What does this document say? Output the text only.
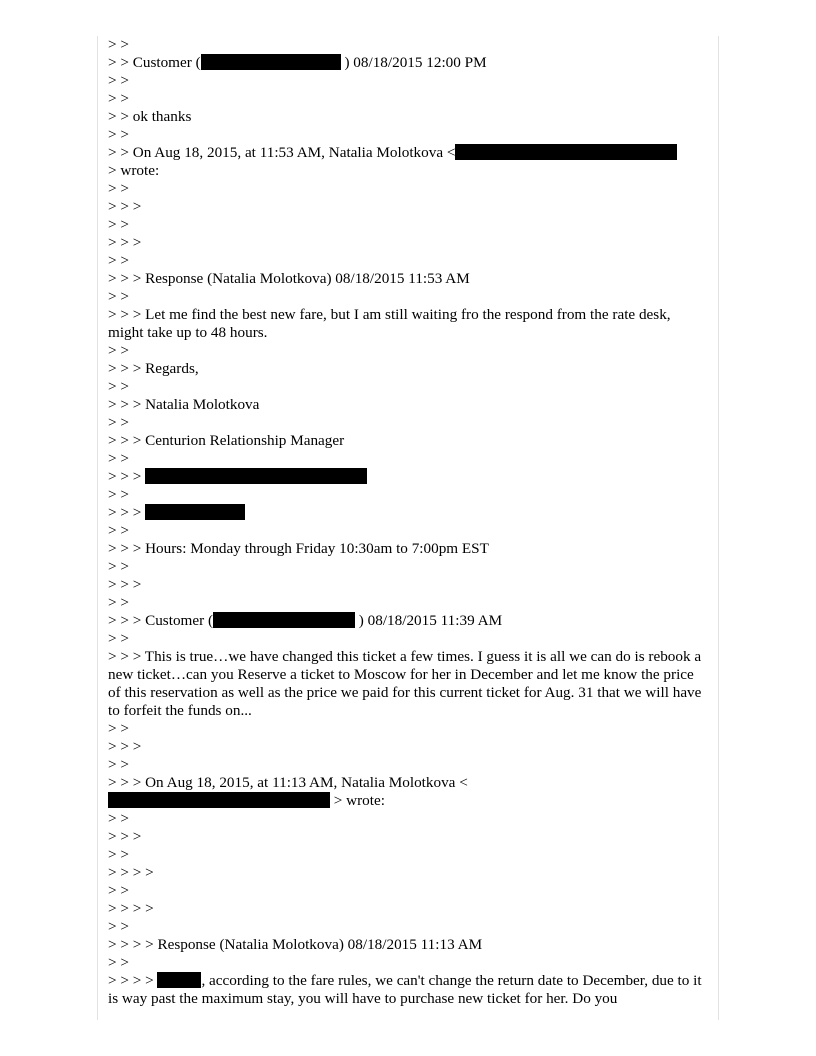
> >

> > Customer (	) 08/18/2015 12:00 PM

> >

> >

> > ok thanks

> >

> > On Aug 18, 2015, at 11:53 AM, Natalia Molotkova <

> wrote:

> >

> > >

> >

> > >

> >

> > > Response (Natalia Molotkova) 08/18/2015 11:53 AM

> >

> > > Let me find the best new fare, but I am still waiting fro the respond from the rate desk, might take up to 48 hours.

> >

> > > Regards,

> >

> > > Natalia Molotkova

> >

> > > Centurion Relationship Manager

> >

> > >

> >

> > >

> >

> > > Hours: Monday through Friday 10:30am to 7:00pm EST

> >

> > >

> >

> > > Customer (	) 08/18/2015 11:39 AM

> >

> > > This is true…we have changed this ticket a few times. I guess it is all we can do is rebook a new ticket…can you Reserve a ticket to Moscow for her in December and let me know the price of this reservation as well as the price we paid for this current ticket for Aug. 31 that we will have to forfeit the funds on...

> >

> > >

> >

> > > On Aug 18, 2015, at 11:13 AM, Natalia Molotkova <

> wrote:

> >

> > >

> >

> > > >

> >

> > > >

> >

> > > > Response (Natalia Molotkova) 08/18/2015 11:13 AM

> >

> > > >	, according to the fare rules, we can't change the return date to December, due to it is way past the maximum stay, you will have to purchase new ticket for her. Do you
